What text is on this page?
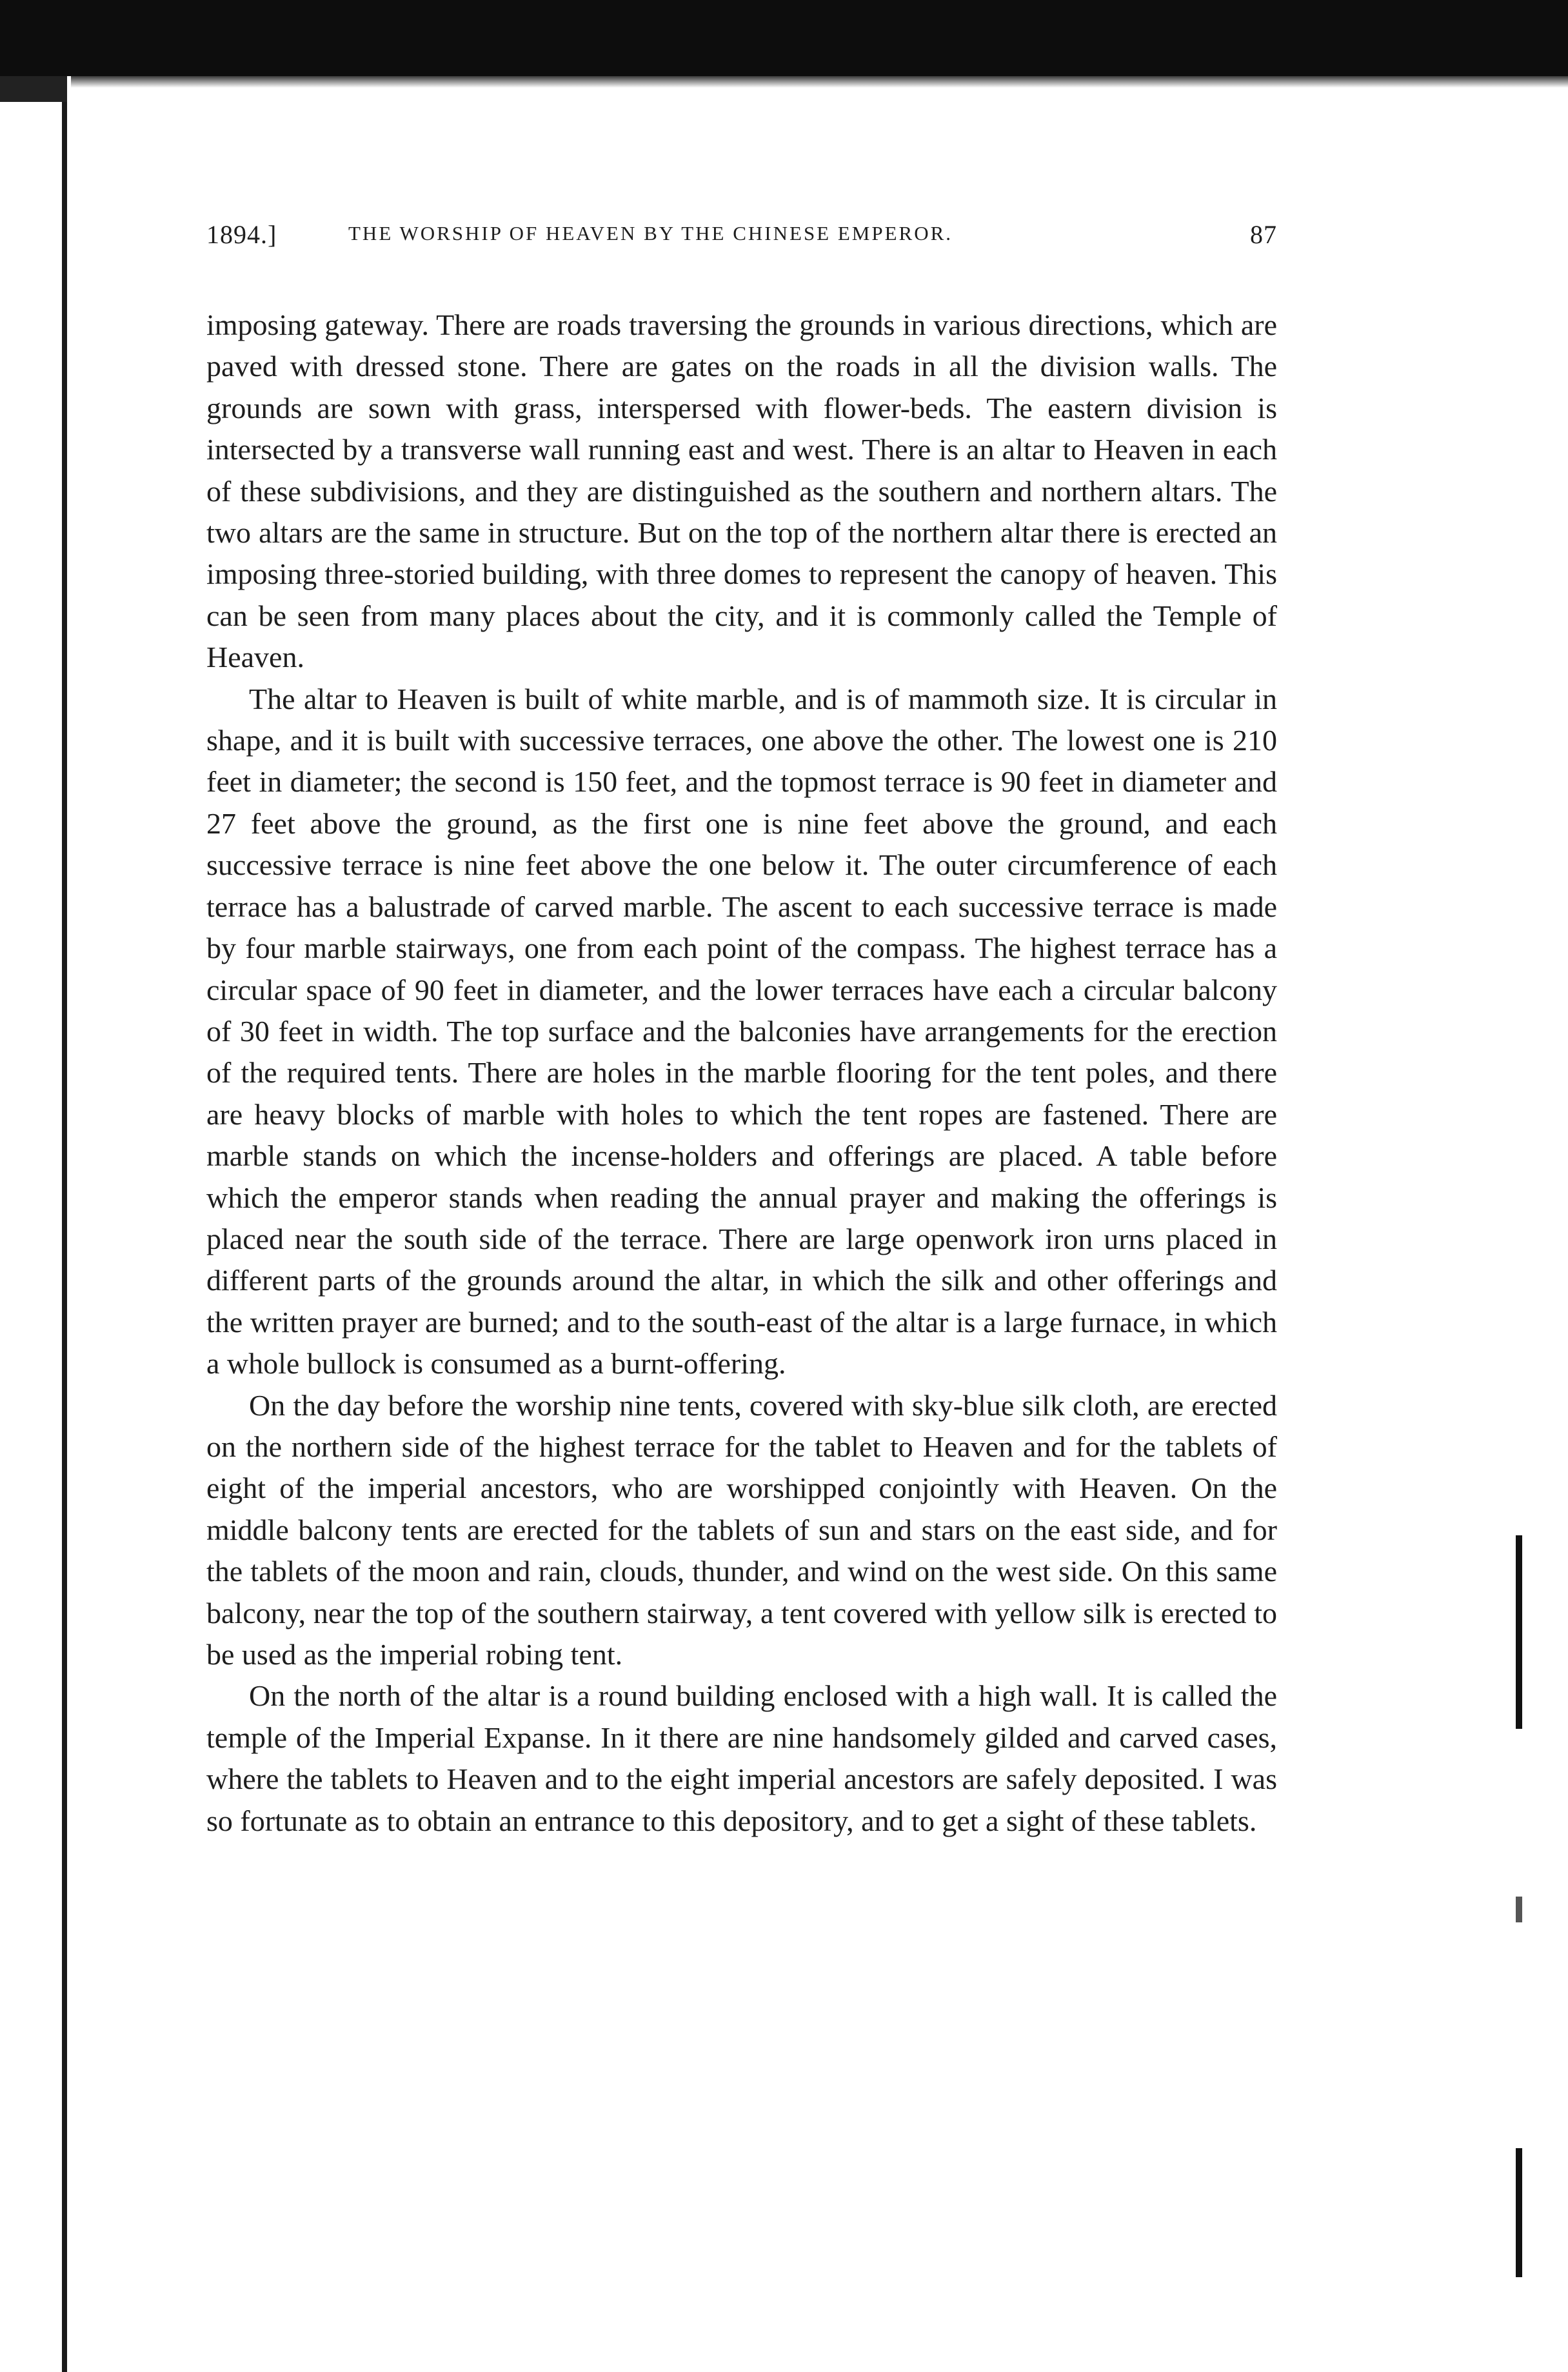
1894.]	THE WORSHIP OF HEAVEN BY THE CHINESE EMPEROR.	87

imposing gateway. There are roads traversing the grounds in various directions, which are paved with dressed stone. There are gates on the roads in all the division walls. The grounds are sown with grass, interspersed with flower-beds. The eastern division is intersected by a transverse wall running east and west. There is an altar to Heaven in each of these subdivisions, and they are distinguished as the southern and northern altars. The two altars are the same in structure. But on the top of the northern altar there is erected an imposing three-storied building, with three domes to represent the canopy of heaven. This can be seen from many places about the city, and it is commonly called the Temple of Heaven.

The altar to Heaven is built of white marble, and is of mammoth size. It is circular in shape, and it is built with successive terraces, one above the other. The lowest one is 210 feet in diameter; the second is 150 feet, and the topmost terrace is 90 feet in diameter and 27 feet above the ground, as the first one is nine feet above the ground, and each successive terrace is nine feet above the one below it. The outer circumference of each terrace has a balustrade of carved marble. The ascent to each successive terrace is made by four marble stairways, one from each point of the compass. The highest terrace has a circular space of 90 feet in diameter, and the lower terraces have each a circular balcony of 30 feet in width. The top surface and the balconies have arrangements for the erection of the required tents. There are holes in the marble flooring for the tent poles, and there are heavy blocks of marble with holes to which the tent ropes are fastened. There are marble stands on which the incense-holders and offerings are placed. A table before which the emperor stands when reading the annual prayer and making the offerings is placed near the south side of the terrace. There are large openwork iron urns placed in different parts of the grounds around the altar, in which the silk and other offerings and the written prayer are burned; and to the south-east of the altar is a large furnace, in which a whole bullock is consumed as a burnt-offering.

On the day before the worship nine tents, covered with sky-blue silk cloth, are erected on the northern side of the highest terrace for the tablet to Heaven and for the tablets of eight of the imperial ancestors, who are worshipped conjointly with Heaven. On the middle balcony tents are erected for the tablets of sun and stars on the east side, and for the tablets of the moon and rain, clouds, thunder, and wind on the west side. On this same balcony, near the top of the southern stairway, a tent covered with yellow silk is erected to be used as the imperial robing tent.

On the north of the altar is a round building enclosed with a high wall. It is called the temple of the Imperial Expanse. In it there are nine handsomely gilded and carved cases, where the tablets to Heaven and to the eight imperial ancestors are safely deposited. I was so fortunate as to obtain an entrance to this depository, and to get a sight of these tablets.
